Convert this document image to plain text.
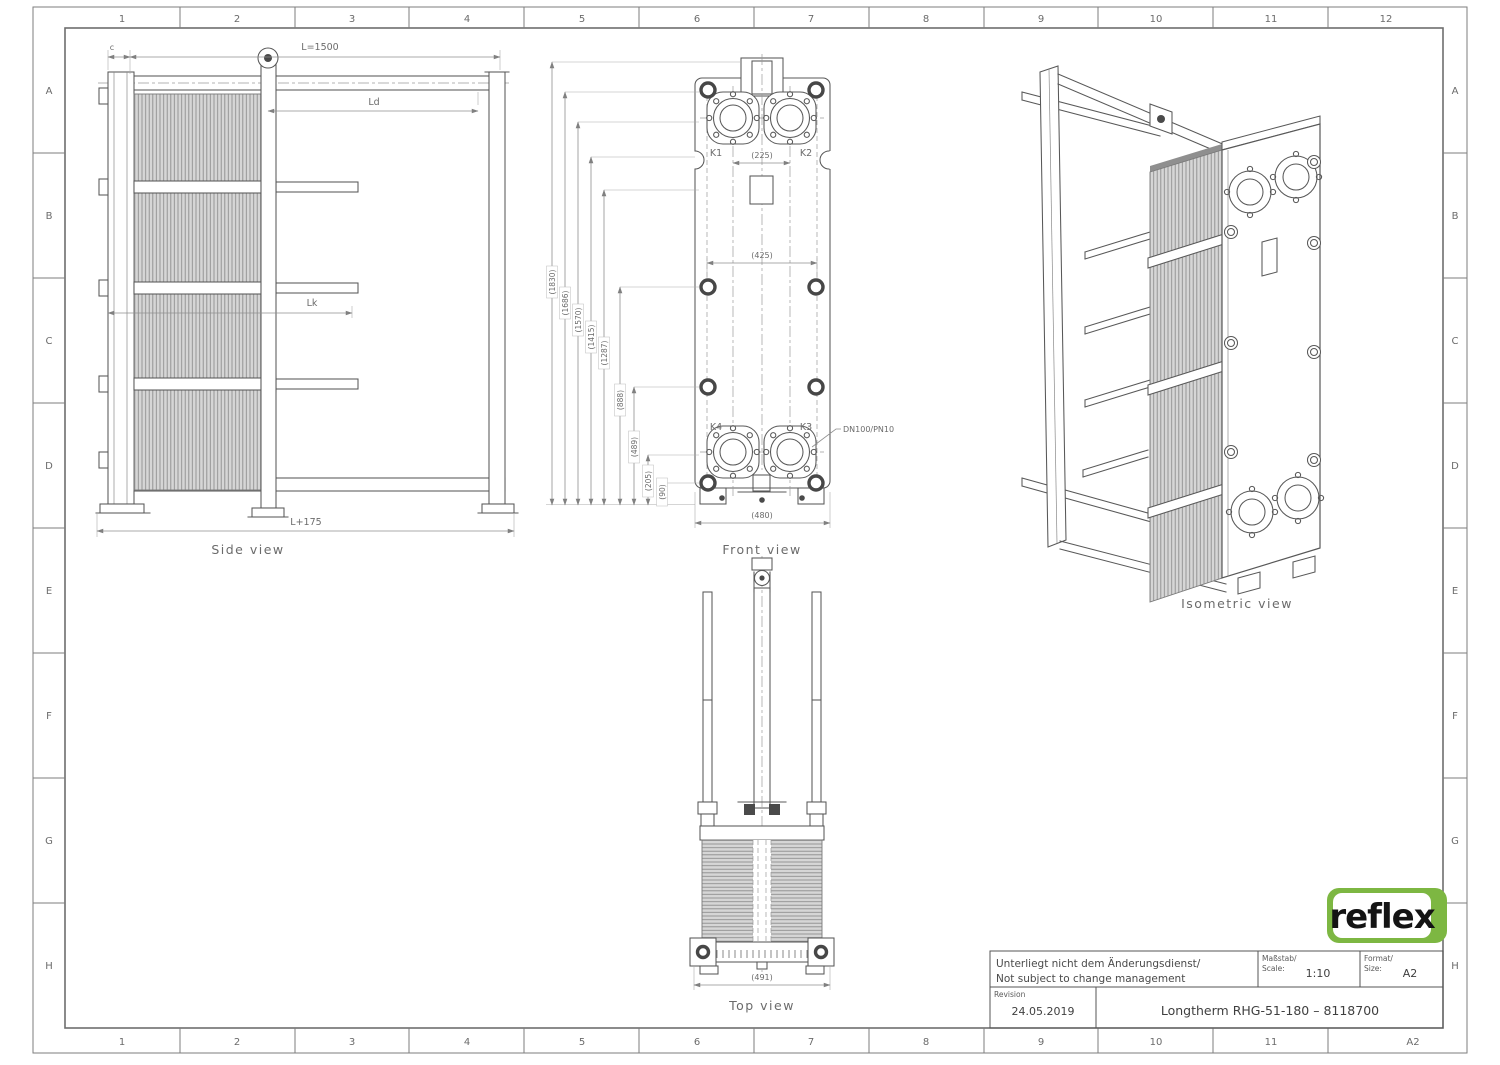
1	2	3	4	5	6	7	8	9	10	11	12
1	2	3	4	5	6	7	8	9	10	11	A2
A
B
C
D
E
F
G
H
A
B
C
D
E
F
G
H
c	L=1500
Ld
Lk
L+175
Side view
K1	K2
K4	K3	DN100/PN10
(225)
(425)
(480)
(1830)
(1686)
(1570)
(1415)
(1287)
(888)
(489)
(205)
(90)
Front view
(491)
Top view
Isometric view
reflex
Unterliegt nicht dem Änderungsdienst/
Not subject to change management
Maßstab/
Scale: 1:10
Format/
Size: A2
Revision
24.05.2019	Longtherm RHG-51-180 – 8118700
